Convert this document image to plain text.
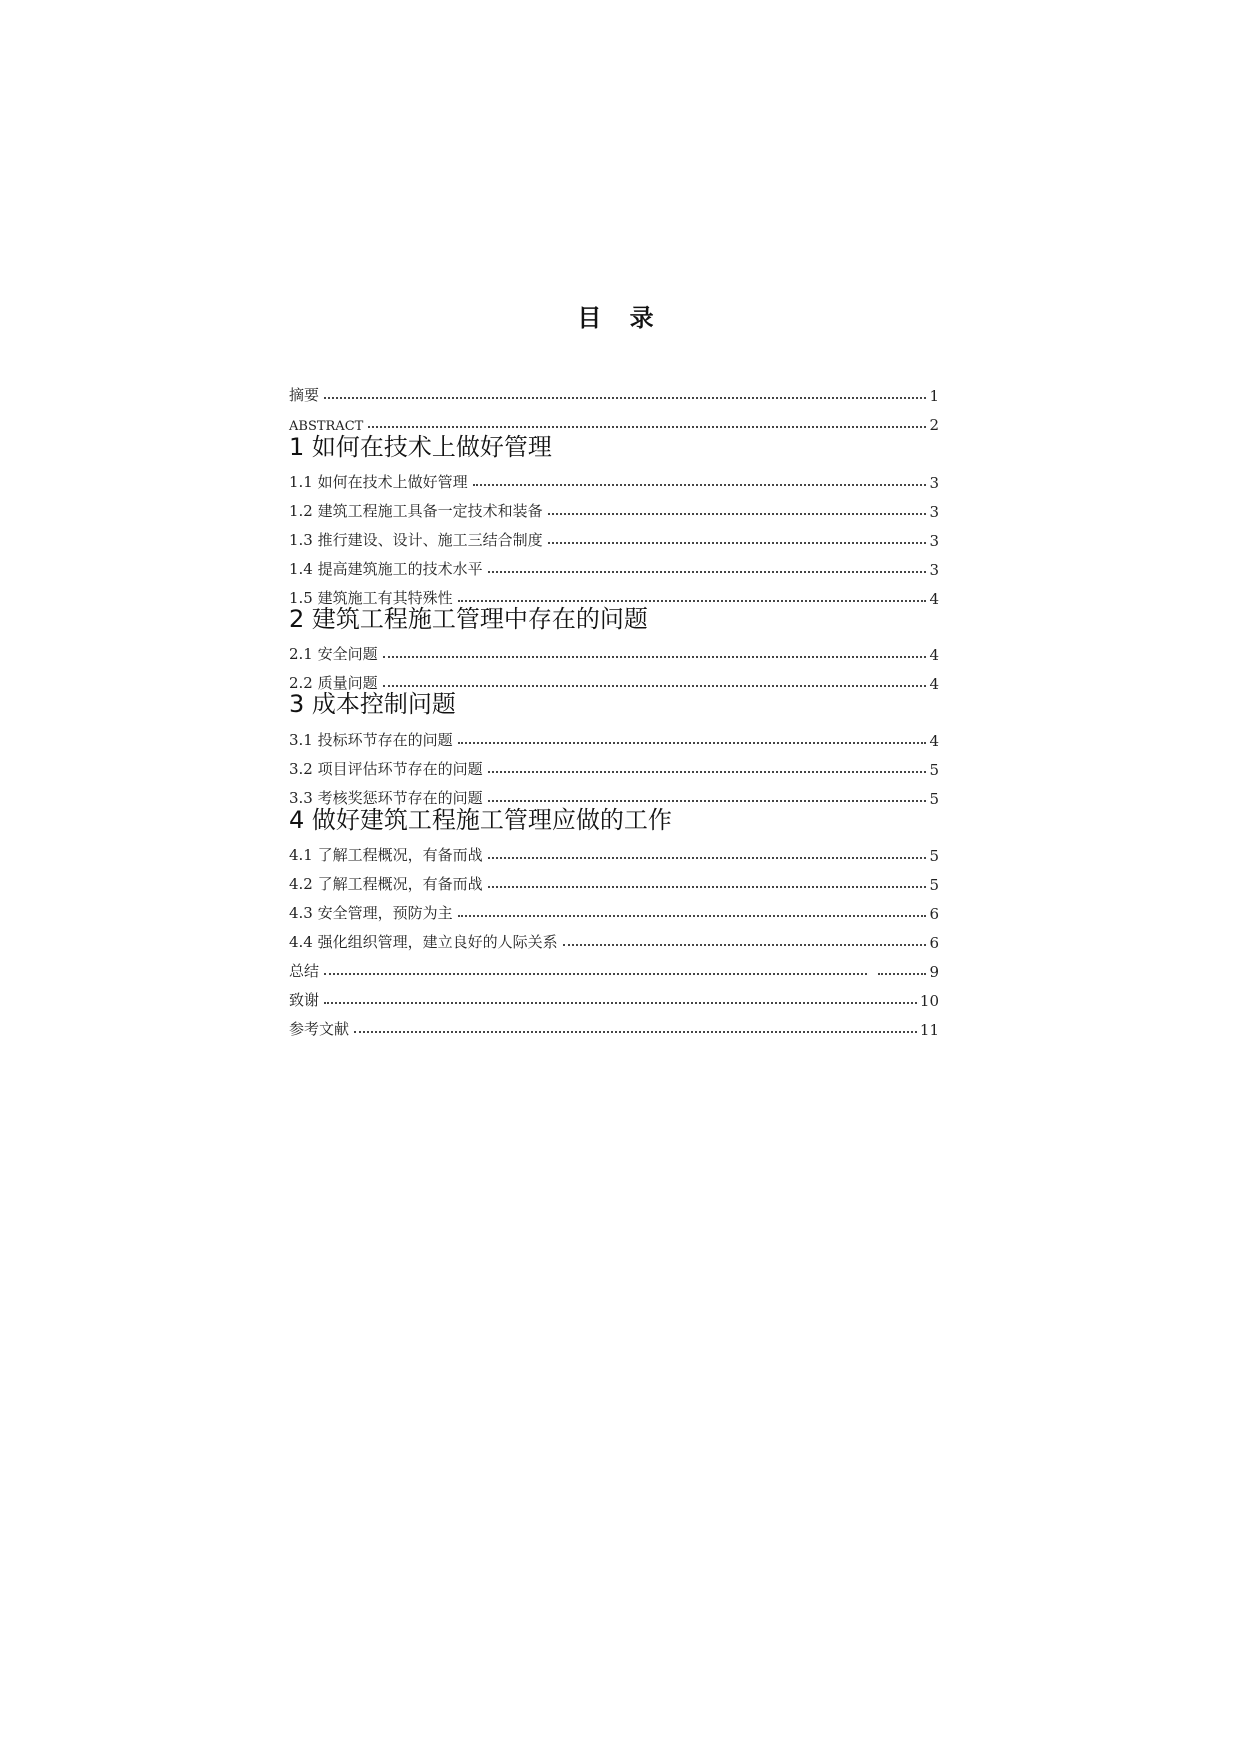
目 录
摘要	1
ABSTRACT	2
1 如何在技术上做好管理
1.1 如何在技术上做好管理	3
1.2 建筑工程施工具备一定技术和装备	3
1.3 推行建设、设计、施工三结合制度	3
1.4 提高建筑施工的技术水平	3
1.5 建筑施工有其特殊性	4
2 建筑工程施工管理中存在的问题
2.1 安全问题	4
2.2 质量问题	4
3 成本控制问题
3.1 投标环节存在的问题	4
3.2 项目评估环节存在的问题	5
3.3 考核奖惩环节存在的问题	5
4 做好建筑工程施工管理应做的工作
4.1 了解工程概况，有备而战	5
4.2 了解工程概况，有备而战	5
4.3 安全管理，预防为主	6
4.4 强化组织管理，建立良好的人际关系	6
总结	9
致谢	10
参考文献	11
